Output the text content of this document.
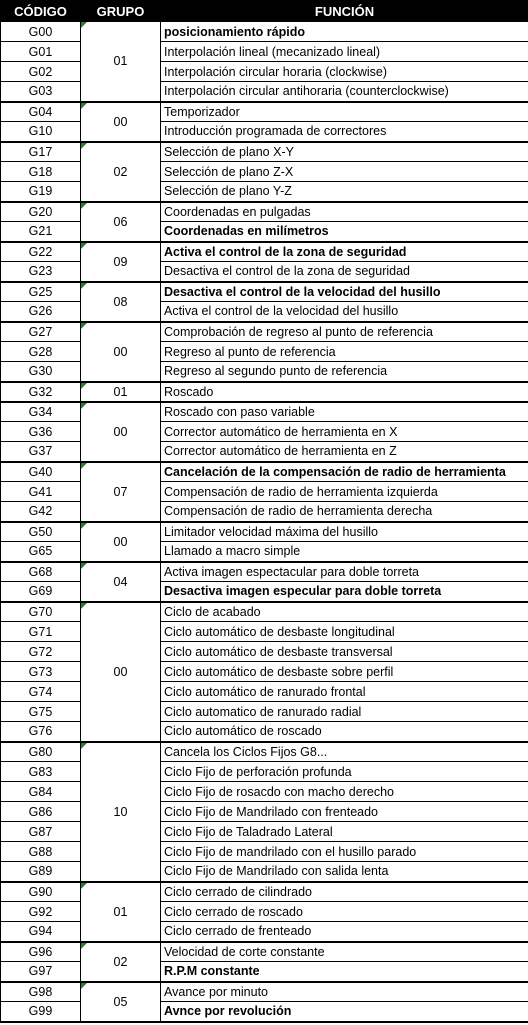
CÓDIGO	GRUPO	FUNCIÓN
G00	01	posicionamiento rápido
G01		Interpolación lineal (mecanizado lineal)
G02		Interpolación circular horaria (clockwise)
G03		Interpolación circular antihoraria (counterclockwise)
G04	00	Temporizador
G10		Introducción programada de correctores
G17	02	Selección de plano X-Y
G18		Selección de plano Z-X
G19		Selección de plano Y-Z
G20	06	Coordenadas en pulgadas
G21		Coordenadas en milímetros
G22	09	Activa el control de la zona de seguridad
G23		Desactiva el control de la zona de seguridad
G25	08	Desactiva el control de la velocidad del husillo
G26		Activa el control de la velocidad del husillo
G27	00	Comprobación de regreso al punto de referencia
G28		Regreso al punto de referencia
G30		Regreso al segundo punto de referencia
G32	01	Roscado
G34	00	Roscado con paso variable
G36		Corrector automático de herramienta en X
G37		Corrector automático de herramienta en Z
G40	07	Cancelación de la compensación de radio de herramienta
G41		Compensación de radio de herramienta izquierda
G42		Compensación de radio de herramienta derecha
G50	00	Limitador velocidad máxima del husillo
G65		Llamado a macro simple
G68	04	Activa imagen espectacular para doble torreta
G69		Desactiva imagen especular para doble torreta
G70	00	Ciclo de acabado
G71		Ciclo automático de desbaste longitudinal
G72		Ciclo automático de desbaste transversal
G73		Ciclo automático de desbaste sobre perfil
G74		Ciclo automático de ranurado frontal
G75		Ciclo automatico de ranurado radial
G76		Ciclo automático de roscado
G80	10	Cancela los Ciclos Fijos G8...
G83		Ciclo Fijo de perforación profunda
G84		Ciclo Fijo de rosacdo con macho derecho
G86		Ciclo Fijo de Mandrilado con frenteado
G87		Ciclo Fijo de Taladrado Lateral
G88		Ciclo Fijo de mandrilado con el husillo parado
G89		Ciclo Fijo de Mandrilado con salida lenta
G90	01	Ciclo cerrado de cilindrado
G92		Ciclo cerrado de roscado
G94		Ciclo cerrado de frenteado
G96	02	Velocidad de corte constante
G97		R.P.M constante
G98	05	Avance por minuto
G99		Avnce por revolución
